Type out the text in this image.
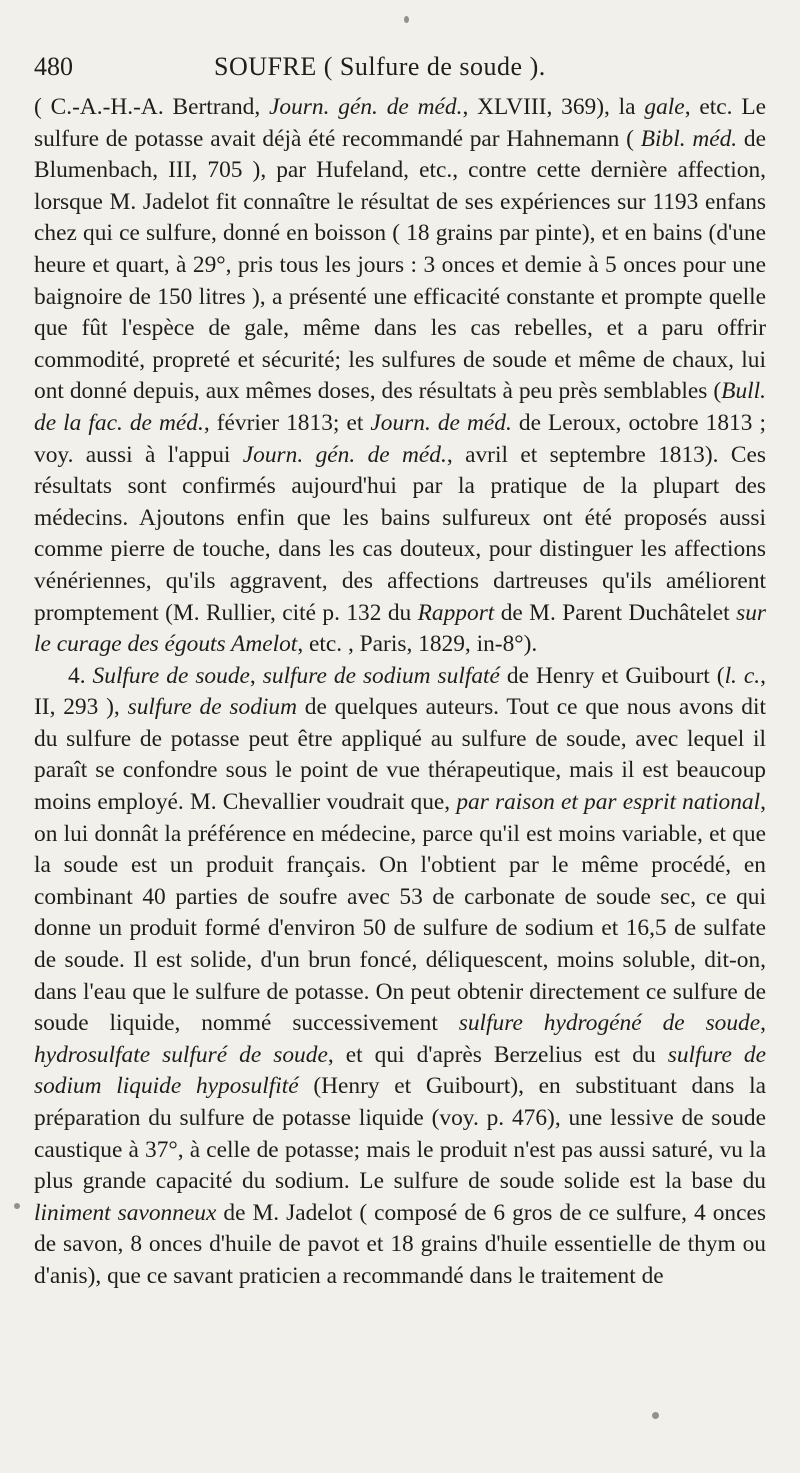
480	SOUFRE ( Sulfure de soude ).

( C.-A.-H.-A. Bertrand, Journ. gén. de méd., XLVIII, 369), la gale, etc. Le sulfure de potasse avait déjà été recommandé par Hahnemann ( Bibl. méd. de Blumenbach, III, 705 ), par Hufeland, etc., contre cette dernière affection, lorsque M. Jadelot fit connaître le résultat de ses expériences sur 1193 enfans chez qui ce sulfure, donné en boisson ( 18 grains par pinte), et en bains (d'une heure et quart, à 29°, pris tous les jours : 3 onces et demie à 5 onces pour une baignoire de 150 litres ), a présenté une efficacité constante et prompte quelle que fût l'espèce de gale, même dans les cas rebelles, et a paru offrir commodité, propreté et sécurité; les sulfures de soude et même de chaux, lui ont donné depuis, aux mêmes doses, des résultats à peu près semblables (Bull. de la fac. de méd., février 1813; et Journ. de méd. de Leroux, octobre 1813 ; voy. aussi à l'appui Journ. gén. de méd., avril et septembre 1813). Ces résultats sont confirmés aujourd'hui par la pratique de la plupart des médecins. Ajoutons enfin que les bains sulfureux ont été proposés aussi comme pierre de touche, dans les cas douteux, pour distinguer les affections vénériennes, qu'ils aggravent, des affections dartreuses qu'ils améliorent promptement (M. Rullier, cité p. 132 du Rapport de M. Parent Duchâtelet sur le curage des égouts Amelot, etc. , Paris, 1829, in-8°).

4. Sulfure de soude, sulfure de sodium sulfaté de Henry et Guibourt (l. c., II, 293 ), sulfure de sodium de quelques auteurs. Tout ce que nous avons dit du sulfure de potasse peut être appliqué au sulfure de soude, avec lequel il paraît se confondre sous le point de vue thérapeutique, mais il est beaucoup moins employé. M. Chevallier voudrait que, par raison et par esprit national, on lui donnât la préférence en médecine, parce qu'il est moins variable, et que la soude est un produit français. On l'obtient par le même procédé, en combinant 40 parties de soufre avec 53 de carbonate de soude sec, ce qui donne un produit formé d'environ 50 de sulfure de sodium et 16,5 de sulfate de soude. Il est solide, d'un brun foncé, déliquescent, moins soluble, dit-on, dans l'eau que le sulfure de potasse. On peut obtenir directement ce sulfure de soude liquide, nommé successivement sulfure hydrogéné de soude, hydrosulfate sulfuré de soude, et qui d'après Berzelius est du sulfure de sodium liquide hyposulfité (Henry et Guibourt), en substituant dans la préparation du sulfure de potasse liquide (voy. p. 476), une lessive de soude caustique à 37°, à celle de potasse; mais le produit n'est pas aussi saturé, vu la plus grande capacité du sodium. Le sulfure de soude solide est la base du liniment savonneux de M. Jadelot ( composé de 6 gros de ce sulfure, 4 onces de savon, 8 onces d'huile de pavot et 18 grains d'huile essentielle de thym ou d'anis), que ce savant praticien a recommandé dans le traitement de
